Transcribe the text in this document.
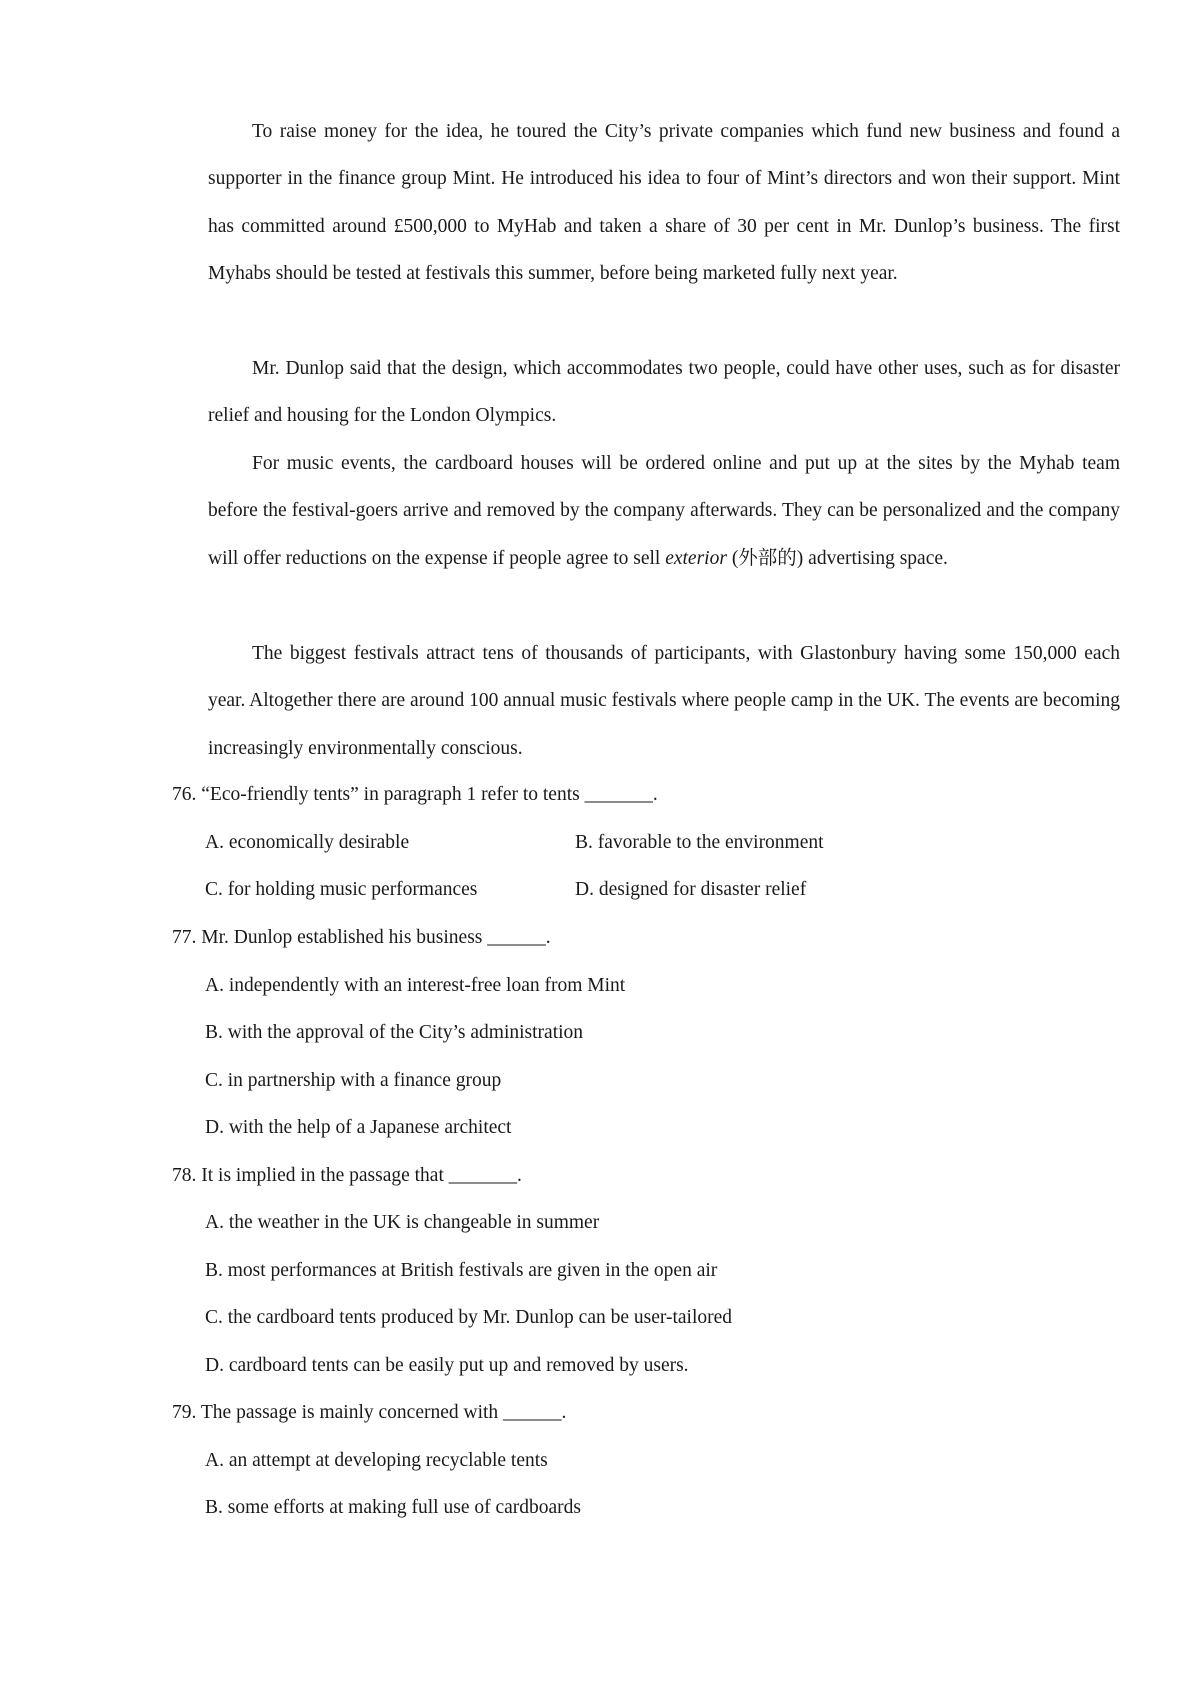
To raise money for the idea, he toured the City’s private companies which fund new business and found a supporter in the finance group Mint. He introduced his idea to four of Mint’s directors and won their support. Mint has committed around £500,000 to MyHab and taken a share of 30 per cent in Mr. Dunlop’s business. The first Myhabs should be tested at festivals this summer, before being marketed fully next year.

Mr. Dunlop said that the design, which accommodates two people, could have other uses, such as for disaster relief and housing for the London Olympics.

For music events, the cardboard houses will be ordered online and put up at the sites by the Myhab team before the festival-goers arrive and removed by the company afterwards. They can be personalized and the company will offer reductions on the expense if people agree to sell exterior (外部的) advertising space.

The biggest festivals attract tens of thousands of participants, with Glastonbury having some 150,000 each year. Altogether there are around 100 annual music festivals where people camp in the UK. The events are becoming increasingly environmentally conscious.

76. “Eco-friendly tents” in paragraph 1 refer to tents _______.

A. economically desirable	B. favorable to the environment

C. for holding music performances	D. designed for disaster relief

77. Mr. Dunlop established his business ______.

A. independently with an interest-free loan from Mint

B. with the approval of the City’s administration

C. in partnership with a finance group

D. with the help of a Japanese architect

78. It is implied in the passage that _______.

A. the weather in the UK is changeable in summer

B. most performances at British festivals are given in the open air

C. the cardboard tents produced by Mr. Dunlop can be user-tailored

D. cardboard tents can be easily put up and removed by users.

79. The passage is mainly concerned with ______.

A. an attempt at developing recyclable tents

B. some efforts at making full use of cardboards
